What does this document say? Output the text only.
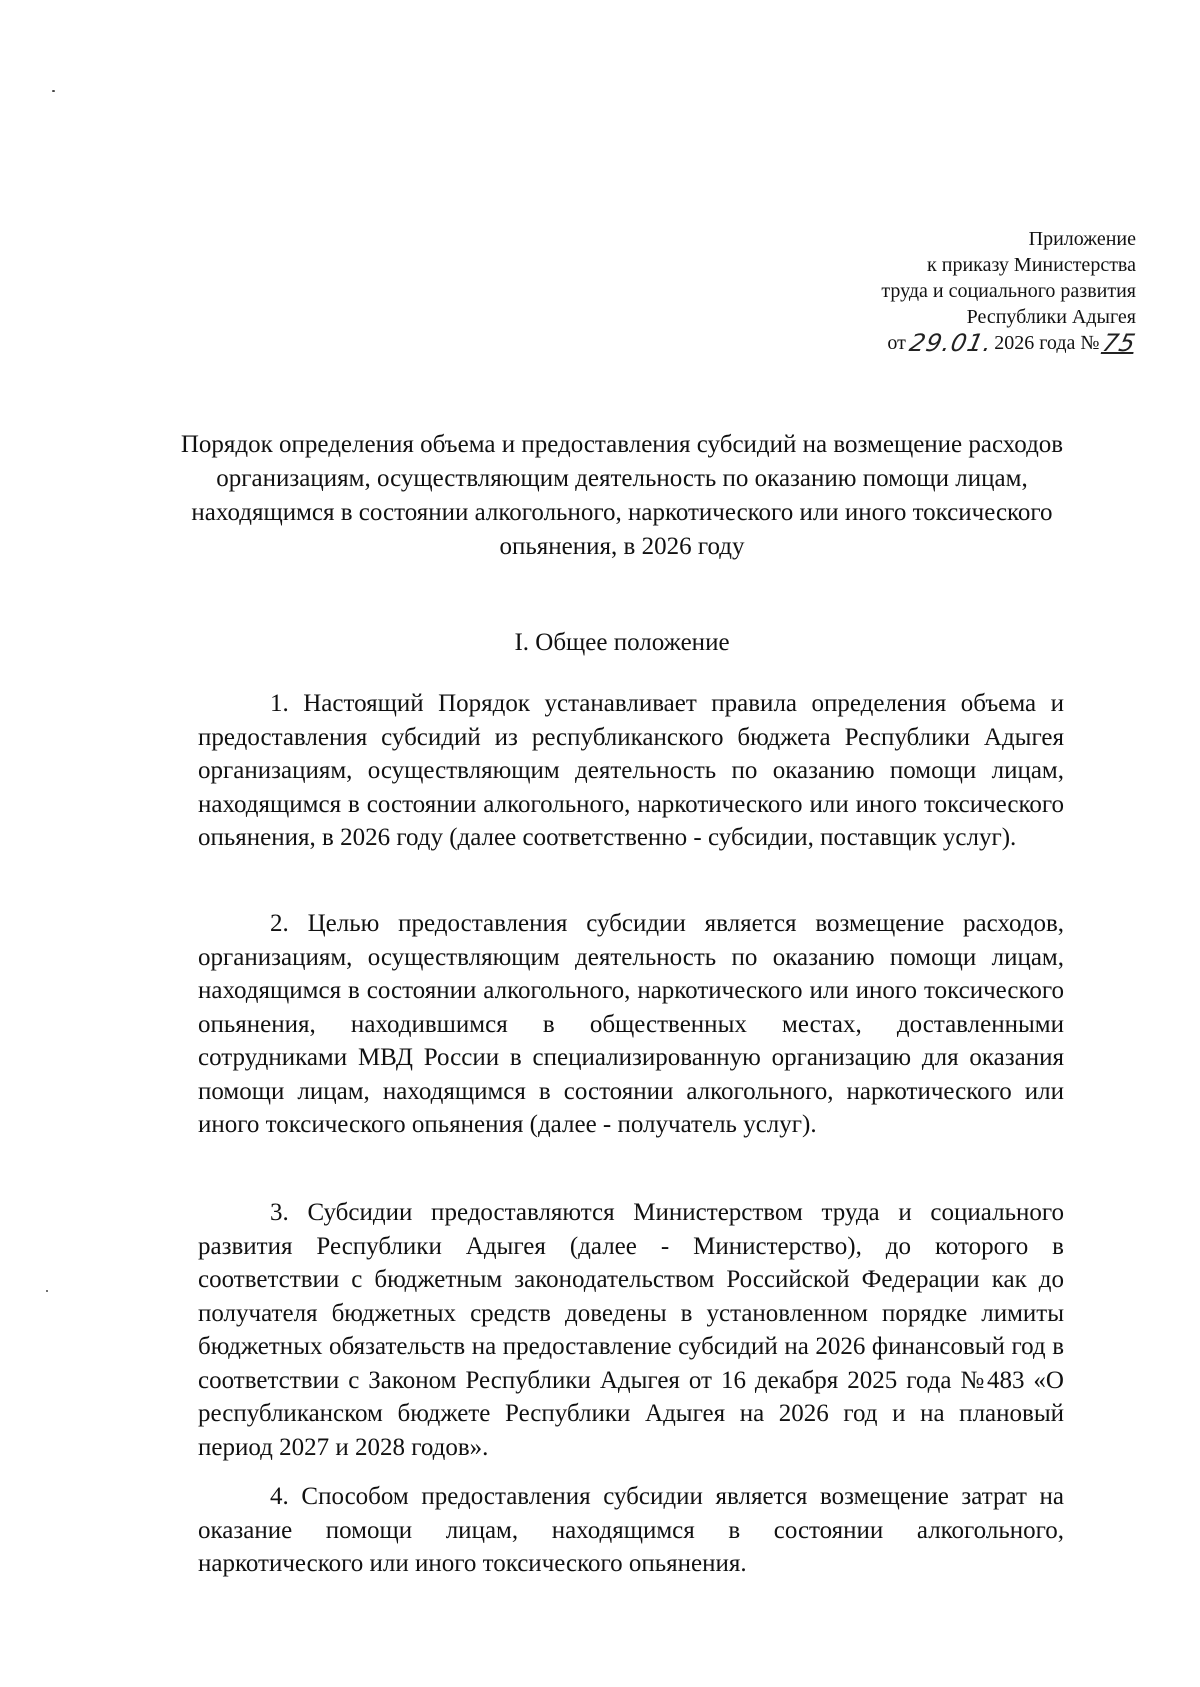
Приложение
к приказу Министерства
труда и социального развития
Республики Адыгея
от29.01.2026 года №75
Порядок определения объема и предоставления субсидий на возмещение расходов организациям, осуществляющим деятельность по оказанию помощи лицам, находящимся в состоянии алкогольного, наркотического или иного токсического опьянения, в 2026 году
I. Общее положение

1. Настоящий Порядок устанавливает правила определения объема и предоставления субсидий из республиканского бюджета Республики Адыгея организациям, осуществляющим деятельность по оказанию помощи лицам, находящимся в состоянии алкогольного, наркотического или иного токсического опьянения, в 2026 году (далее соответственно - субсидии, поставщик услуг).

2. Целью предоставления субсидии является возмещение расходов, организациям, осуществляющим деятельность по оказанию помощи лицам, находящимся в состоянии алкогольного, наркотического или иного токсического опьянения, находившимся в общественных местах, доставленными сотрудниками МВД России в специализированную организацию для оказания помощи лицам, находящимся в состоянии алкогольного, наркотического или иного токсического опьянения (далее - получатель услуг).

3. Субсидии предоставляются Министерством труда и социального развития Республики Адыгея (далее - Министерство), до которого в соответствии с бюджетным законодательством Российской Федерации как до получателя бюджетных средств доведены в установленном порядке лимиты бюджетных обязательств на предоставление субсидий на 2026 финансовый год в соответствии с Законом Республики Адыгея от 16 декабря 2025 года №483 «О республиканском бюджете Республики Адыгея на 2026 год и на плановый период 2027 и 2028 годов».

4. Способом предоставления субсидии является возмещение затрат на оказание помощи лицам, находящимся в состоянии алкогольного, наркотического или иного токсического опьянения.
